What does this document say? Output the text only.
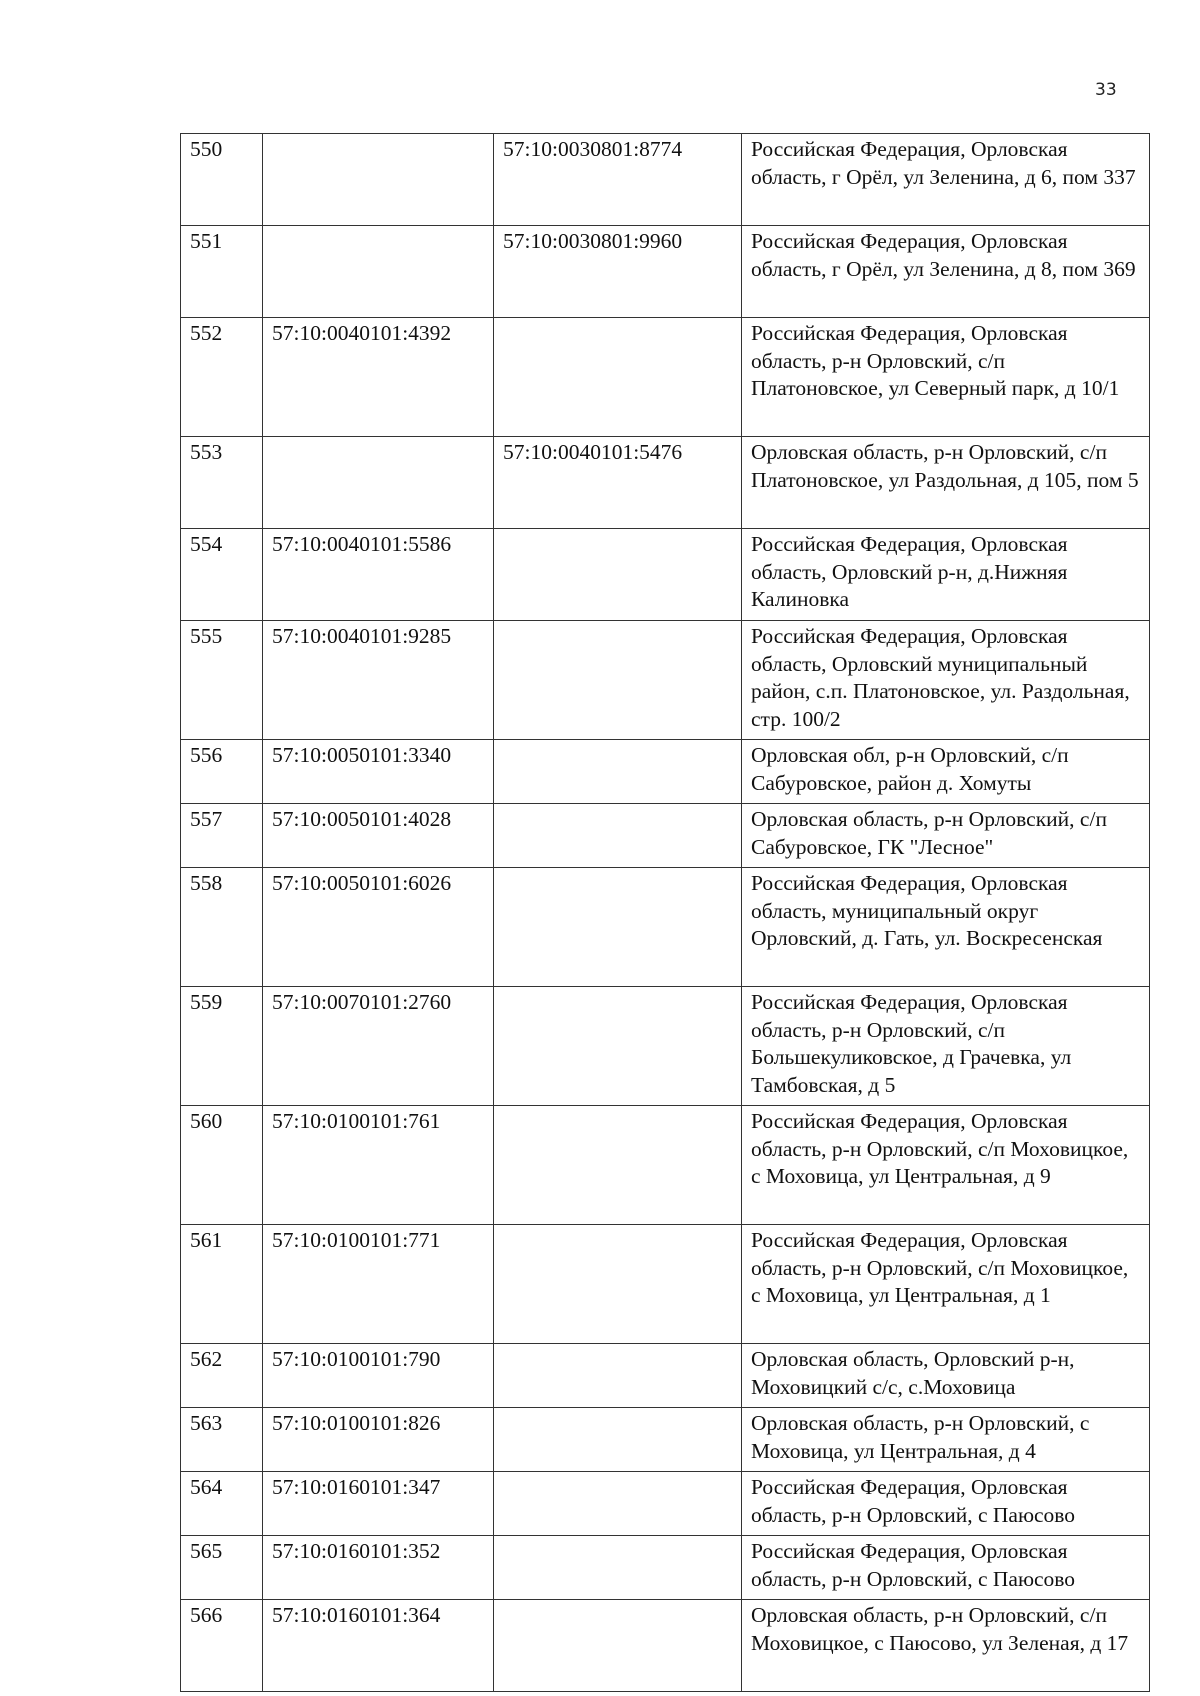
33
550		57:10:0030801:8774	Российская Федерация, Орловская область, г Орёл, ул Зеленина, д 6, пом 337
551		57:10:0030801:9960	Российская Федерация, Орловская область, г Орёл, ул Зеленина, д 8, пом 369
552	57:10:0040101:4392		Российская Федерация, Орловская область, р-н Орловский, с/п Платоновское, ул Северный парк, д 10/1
553		57:10:0040101:5476	Орловская область, р-н Орловский, с/п Платоновское, ул Раздольная, д 105, пом 5
554	57:10:0040101:5586		Российская Федерация, Орловская область, Орловский р-н, д.Нижняя Калиновка
555	57:10:0040101:9285		Российская Федерация, Орловская область, Орловский муниципальный район, с.п. Платоновское, ул. Раздольная, стр. 100/2
556	57:10:0050101:3340		Орловская обл, р-н Орловский, с/п Сабуровское, район д. Хомуты
557	57:10:0050101:4028		Орловская область, р-н Орловский, с/п Сабуровское, ГК "Лесное"
558	57:10:0050101:6026		Российская Федерация, Орловская область, муниципальный округ Орловский, д. Гать, ул. Воскресенская
559	57:10:0070101:2760		Российская Федерация, Орловская область, р-н Орловский, с/п Большекуликовское, д Грачевка, ул Тамбовская, д 5
560	57:10:0100101:761		Российская Федерация, Орловская область, р-н Орловский, с/п Моховицкое, с Моховица, ул Центральная, д 9
561	57:10:0100101:771		Российская Федерация, Орловская область, р-н Орловский, с/п Моховицкое, с Моховица, ул Центральная, д 1
562	57:10:0100101:790		Орловская область, Орловский р-н, Моховицкий с/с, с.Моховица
563	57:10:0100101:826		Орловская область, р-н Орловский, с Моховица, ул Центральная, д 4
564	57:10:0160101:347		Российская Федерация, Орловская область, р-н Орловский, с Паюсово
565	57:10:0160101:352		Российская Федерация, Орловская область, р-н Орловский, с Паюсово
566	57:10:0160101:364		Орловская область, р-н Орловский, с/п Моховицкое, с Паюсово, ул Зеленая, д 17
